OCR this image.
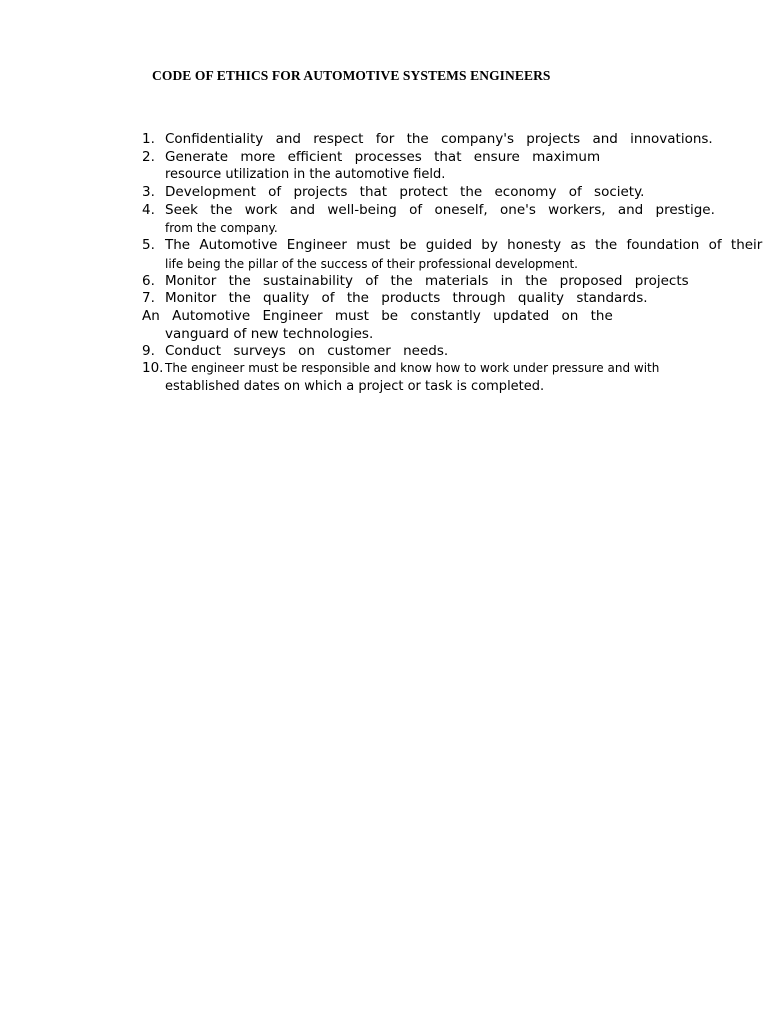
CODE OF ETHICS FOR AUTOMOTIVE SYSTEMS ENGINEERS
1. Confidentiality and respect for the company's projects and innovations.
2. Generate more efficient processes that ensure maximum
resource utilization in the automotive field.
3. Development of projects that protect the economy of society.
4. Seek the work and well-being of oneself, one's workers, and prestige.
from the company.
5. The Automotive Engineer must be guided by honesty as the foundation of their
life being the pillar of the success of their professional development.
6. Monitor the sustainability of the materials in the proposed projects
7. Monitor the quality of the products through quality standards.
An Automotive Engineer must be constantly updated on the
vanguard of new technologies.
9. Conduct surveys on customer needs.
10. The engineer must be responsible and know how to work under pressure and with
established dates on which a project or task is completed.
